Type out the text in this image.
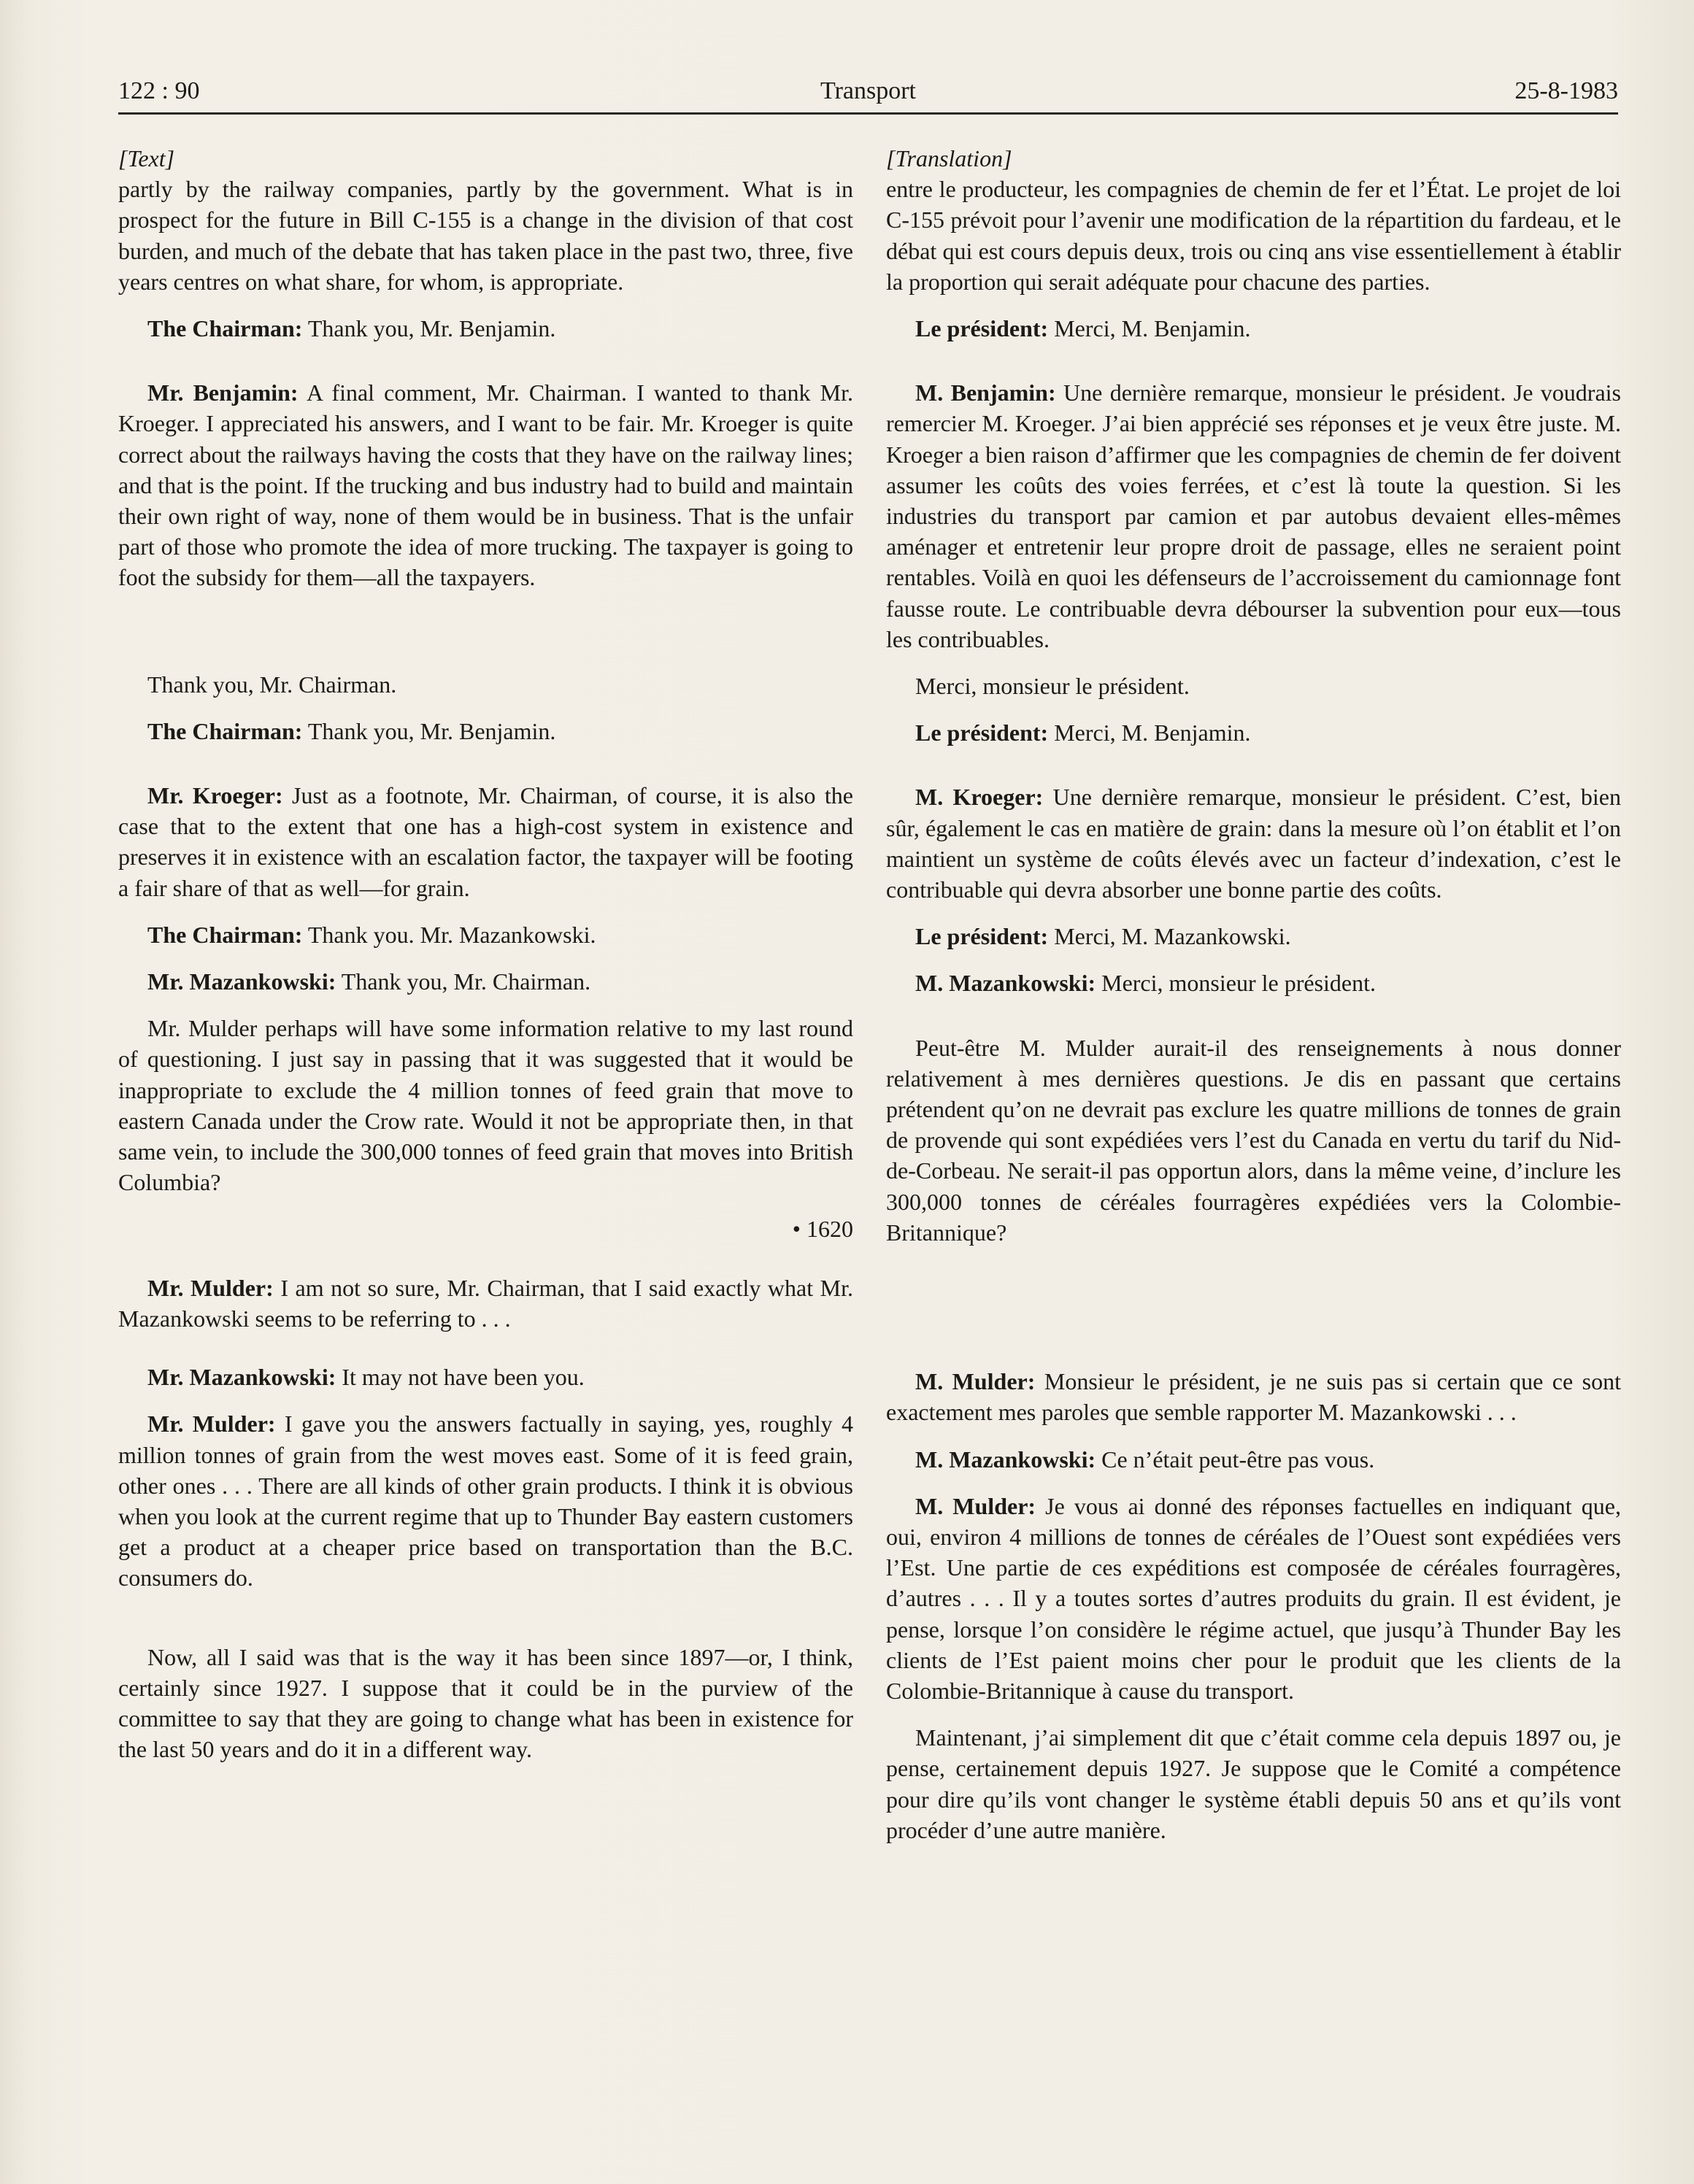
122 : 90	Transport	25-8-1983

[Text]

partly by the railway companies, partly by the government. What is in prospect for the future in Bill C-155 is a change in the division of that cost burden, and much of the debate that has taken place in the past two, three, five years centres on what share, for whom, is appropriate.

The Chairman: Thank you, Mr. Benjamin.

Mr. Benjamin: A final comment, Mr. Chairman. I wanted to thank Mr. Kroeger. I appreciated his answers, and I want to be fair. Mr. Kroeger is quite correct about the railways having the costs that they have on the railway lines; and that is the point. If the trucking and bus industry had to build and maintain their own right of way, none of them would be in business. That is the unfair part of those who promote the idea of more trucking. The taxpayer is going to foot the subsidy for them—all the taxpayers.

Thank you, Mr. Chairman.

The Chairman: Thank you, Mr. Benjamin.

Mr. Kroeger: Just as a footnote, Mr. Chairman, of course, it is also the case that to the extent that one has a high-cost system in existence and preserves it in existence with an escalation factor, the taxpayer will be footing a fair share of that as well—for grain.

The Chairman: Thank you. Mr. Mazankowski.

Mr. Mazankowski: Thank you, Mr. Chairman.

Mr. Mulder perhaps will have some information relative to my last round of questioning. I just say in passing that it was suggested that it would be inappropriate to exclude the 4 million tonnes of feed grain that move to eastern Canada under the Crow rate. Would it not be appropriate then, in that same vein, to include the 300,000 tonnes of feed grain that moves into British Columbia?

• 1620

Mr. Mulder: I am not so sure, Mr. Chairman, that I said exactly what Mr. Mazankowski seems to be referring to . . .

Mr. Mazankowski: It may not have been you.

Mr. Mulder: I gave you the answers factually in saying, yes, roughly 4 million tonnes of grain from the west moves east. Some of it is feed grain, other ones . . . There are all kinds of other grain products. I think it is obvious when you look at the current regime that up to Thunder Bay eastern customers get a product at a cheaper price based on transportation than the B.C. consumers do.

Now, all I said was that is the way it has been since 1897—or, I think, certainly since 1927. I suppose that it could be in the purview of the committee to say that they are going to change what has been in existence for the last 50 years and do it in a different way.

[Translation]

entre le producteur, les compagnies de chemin de fer et l’État. Le projet de loi C-155 prévoit pour l’avenir une modification de la répartition du fardeau, et le débat qui est cours depuis deux, trois ou cinq ans vise essentiellement à établir la proportion qui serait adéquate pour chacune des parties.

Le président: Merci, M. Benjamin.

M. Benjamin: Une dernière remarque, monsieur le président. Je voudrais remercier M. Kroeger. J’ai bien apprécié ses réponses et je veux être juste. M. Kroeger a bien raison d’affirmer que les compagnies de chemin de fer doivent assumer les coûts des voies ferrées, et c’est là toute la question. Si les industries du transport par camion et par autobus devaient elles-mêmes aménager et entretenir leur propre droit de passage, elles ne seraient point rentables. Voilà en quoi les défenseurs de l’accroissement du camionnage font fausse route. Le contribuable devra débourser la subvention pour eux—tous les contribuables.

Merci, monsieur le président.

Le président: Merci, M. Benjamin.

M. Kroeger: Une dernière remarque, monsieur le président. C’est, bien sûr, également le cas en matière de grain: dans la mesure où l’on établit et l’on maintient un système de coûts élevés avec un facteur d’indexation, c’est le contribuable qui devra absorber une bonne partie des coûts.

Le président: Merci, M. Mazankowski.

M. Mazankowski: Merci, monsieur le président.

Peut-être M. Mulder aurait-il des renseignements à nous donner relativement à mes dernières questions. Je dis en passant que certains prétendent qu’on ne devrait pas exclure les quatre millions de tonnes de grain de provende qui sont expédiées vers l’est du Canada en vertu du tarif du Nid-de-Corbeau. Ne serait-il pas opportun alors, dans la même veine, d’inclure les 300,000 tonnes de céréales fourragères expédiées vers la Colombie-Britannique?

M. Mulder: Monsieur le président, je ne suis pas si certain que ce sont exactement mes paroles que semble rapporter M. Mazankowski . . .

M. Mazankowski: Ce n’était peut-être pas vous.

M. Mulder: Je vous ai donné des réponses factuelles en indiquant que, oui, environ 4 millions de tonnes de céréales de l’Ouest sont expédiées vers l’Est. Une partie de ces expéditions est composée de céréales fourragères, d’autres . . . Il y a toutes sortes d’autres produits du grain. Il est évident, je pense, lorsque l’on considère le régime actuel, que jusqu’à Thunder Bay les clients de l’Est paient moins cher pour le produit que les clients de la Colombie-Britannique à cause du transport.

Maintenant, j’ai simplement dit que c’était comme cela depuis 1897 ou, je pense, certainement depuis 1927. Je suppose que le Comité a compétence pour dire qu’ils vont changer le système établi depuis 50 ans et qu’ils vont procéder d’une autre manière.
